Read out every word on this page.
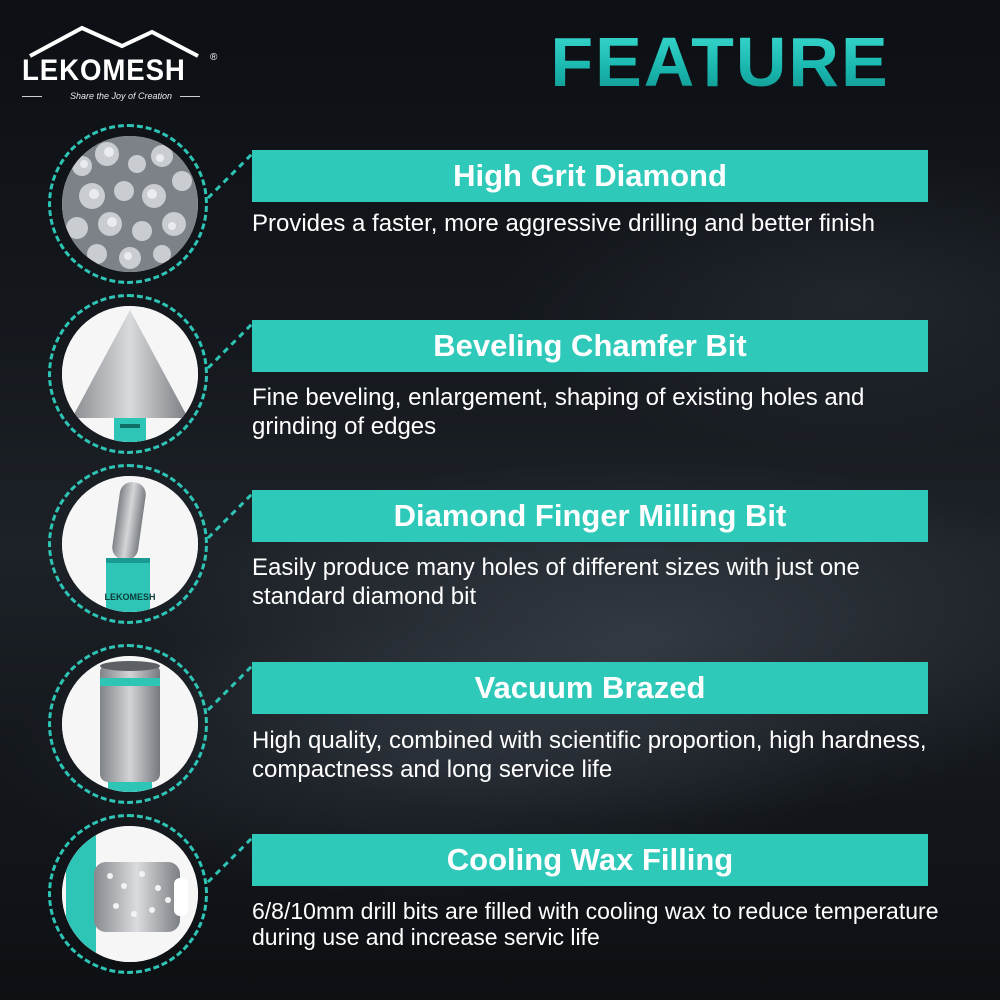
LEKOMESH ®
Share the Joy of Creation	FEATURE
High Grit Diamond
Provides a faster, more aggressive drilling and better finish
Beveling Chamfer Bit
Fine beveling, enlargement, shaping of existing holes and grinding of edges
LEKOMESH
Diamond Finger Milling Bit
Easily produce many holes of different sizes with just one standard diamond bit
Vacuum Brazed
High quality, combined with scientific proportion, high hardness, compactness and long service life
Cooling Wax Filling
6/8/10mm drill bits are filled with cooling wax to reduce temperature during use and increase servic life
